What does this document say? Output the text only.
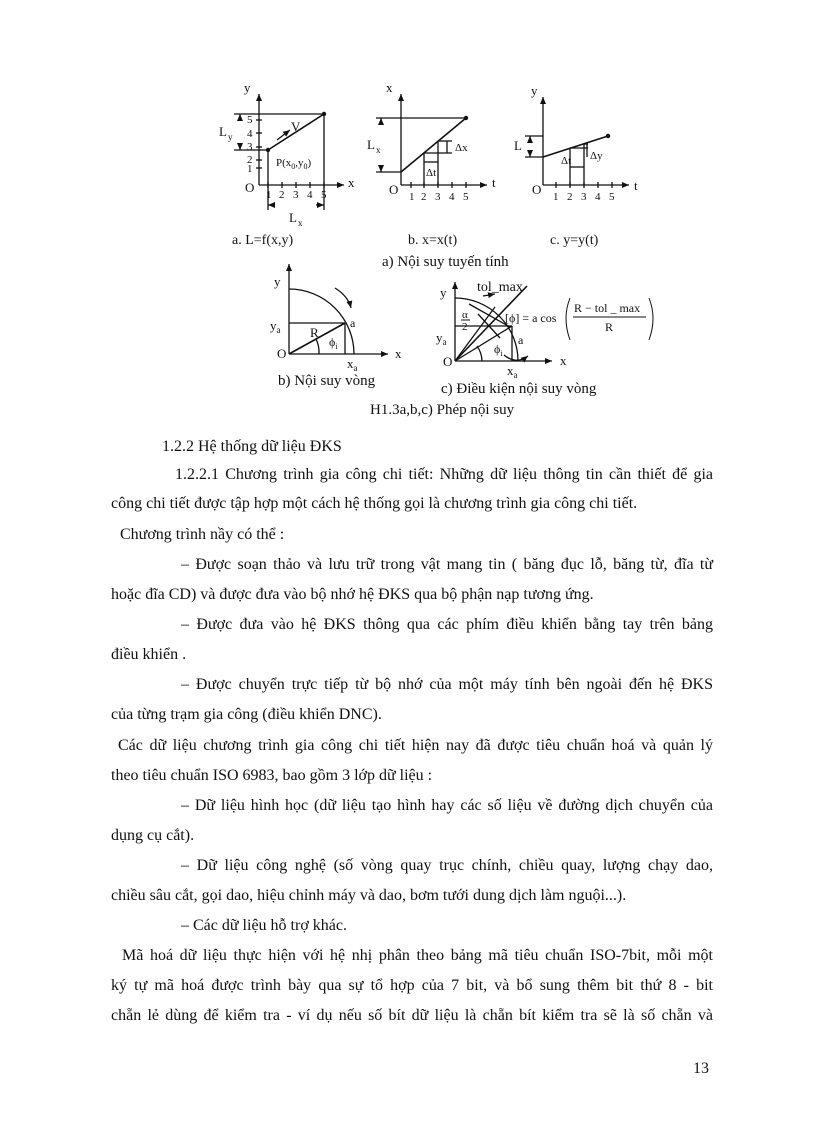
y
x
O
1
2
3
4
5
1 2 3 4 5
L y
L x
V
$P(x_0,y_0)$
a. L=f(x,y)
x
t
O 1 2 3 4 5
L x	Δx
Δt
b. x=x(t)
y
t
O 1 2 3 4 5
L
Δy
Δt
c. y=y(t)
a) Nội suy tuyến tính
y
x
O
$y_a$
$x_a$
R
a
$\phi_i$
b) Nội suy vòng
y
x
O
$y_a$
$x_a$
a
tol_max
α
2
$\phi_i$
[ϕ] = a cos
R − tol _ max
R
c) Điều kiện nội suy vòng
H1.3a,b,c) Phép nội suy
1.2.2 Hệ thống dữ liệu ĐKS
1.2.2.1 Chương trình gia công chi tiết: Những dữ liệu thông tin cần thiết để gia
công chi tiết được tập hợp một cách hệ thống gọi là chương trình gia công chi tiết.
Chương trình nầy có thể :
– Được soạn thảo và lưu trữ trong vật mang tin ( băng đục lỗ, băng từ, đĩa từ
hoặc đĩa CD) và được đưa vào bộ nhớ hệ ĐKS qua bộ phận nạp tương ứng.
– Được đưa vào hệ ĐKS thông qua các phím điều khiển bằng tay trên bảng
điều khiển .
– Được chuyển trực tiếp từ bộ nhớ của một máy tính bên ngoài đến hệ ĐKS
của từng trạm gia công (điều khiển DNC).
Các dữ liệu chương trình gia công chi tiết hiện nay đã được tiêu chuẩn hoá và quản lý
theo tiêu chuẩn ISO 6983, bao gồm 3 lớp dữ liệu :
– Dữ liệu hình học (dữ liệu tạo hình hay các số liệu về đường dịch chuyển của
dụng cụ cắt).
– Dữ liệu công nghệ (số vòng quay trục chính, chiều quay, lượng chạy dao,
chiều sâu cắt, gọi dao, hiệu chỉnh máy và dao, bơm tưới dung dịch làm nguội...).
– Các dữ liệu hỗ trợ khác.
Mã hoá dữ liệu thực hiện với hệ nhị phân theo bảng mã tiêu chuẩn ISO-7bit, mỗi một
ký tự mã hoá được trình bày qua sự tổ hợp của 7 bit, và bổ sung thêm bit thứ 8 - bit
chẵn lẻ dùng để kiểm tra - ví dụ nếu số bít dữ liệu là chẵn bít kiểm tra sẽ là số chẵn và
13
